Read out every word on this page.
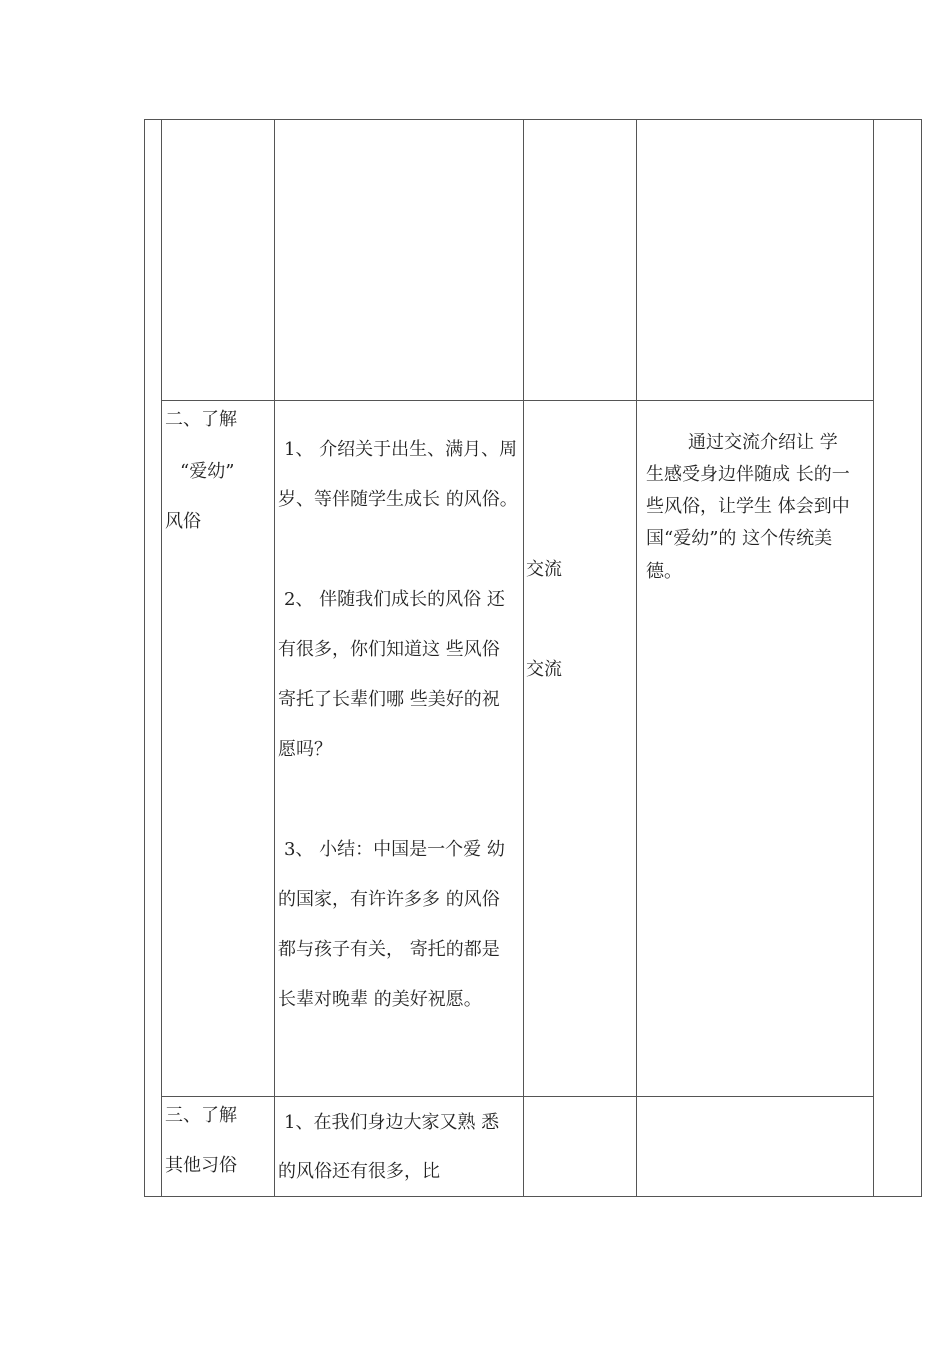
二、了解
“爱幼”
风俗
1、 介绍关于出生、满月、周
岁、等伴随学生成长 的风俗。
2、 伴随我们成长的风俗 还
有很多，你们知道这 些风俗
寄托了长辈们哪 些美好的祝
愿吗？
3、 小结：中国是一个爱 幼
的国家，有许许多多 的风俗
都与孩子有关， 寄托的都是
长辈对晚辈 的美好祝愿。
交流
交流
通过交流介绍让 学
生感受身边伴随成 长的一
些风俗，让学生 体会到中
国“爱幼”的 这个传统美
德。
三、了解
其他习俗
1、在我们身边大家又熟 悉
的风俗还有很多，比
